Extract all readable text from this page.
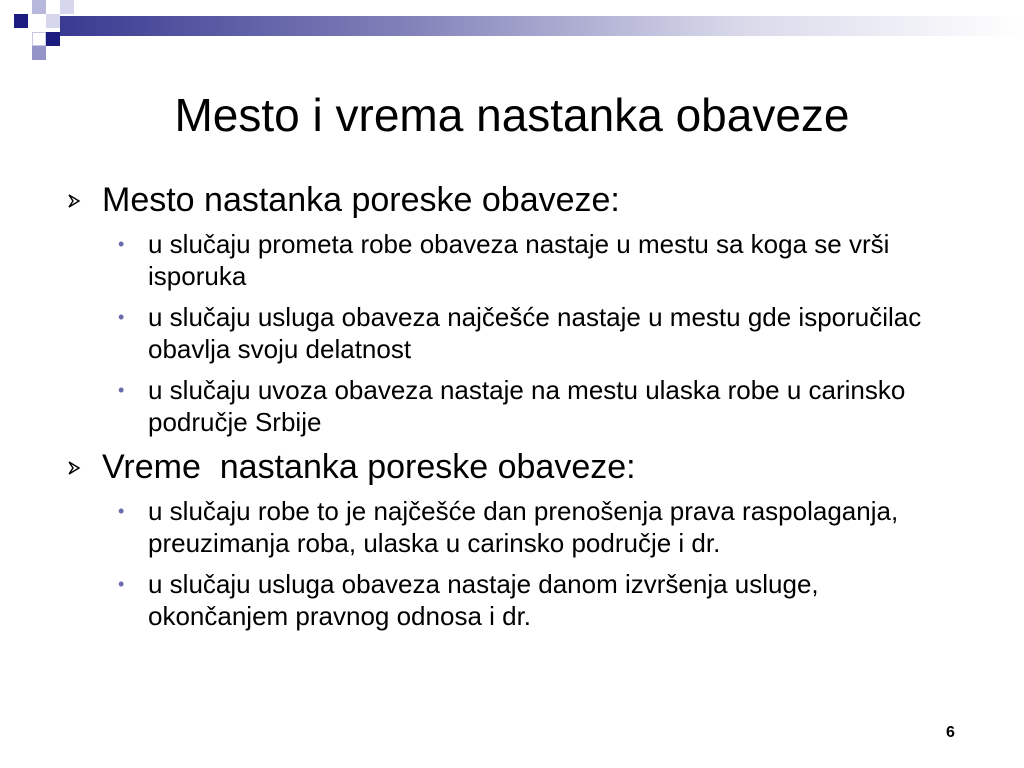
Mesto i vrema nastanka obaveze
Mesto nastanka poreske obaveze:
• u slučaju prometa robe obaveza nastaje u mestu sa koga se vrši isporuka
• u slučaju usluga obaveza najčešće nastaje u mestu gde isporučilac obavlja svoju delatnost
• u slučaju uvoza obaveza nastaje na mestu ulaska robe u carinsko područje Srbije
Vreme  nastanka poreske obaveze:
• u slučaju robe to je najčešće dan prenošenja prava raspolaganja, preuzimanja roba, ulaska u carinsko područje i dr.
• u slučaju usluga obaveza nastaje danom izvršenja usluge, okončanjem pravnog odnosa i dr.
6
